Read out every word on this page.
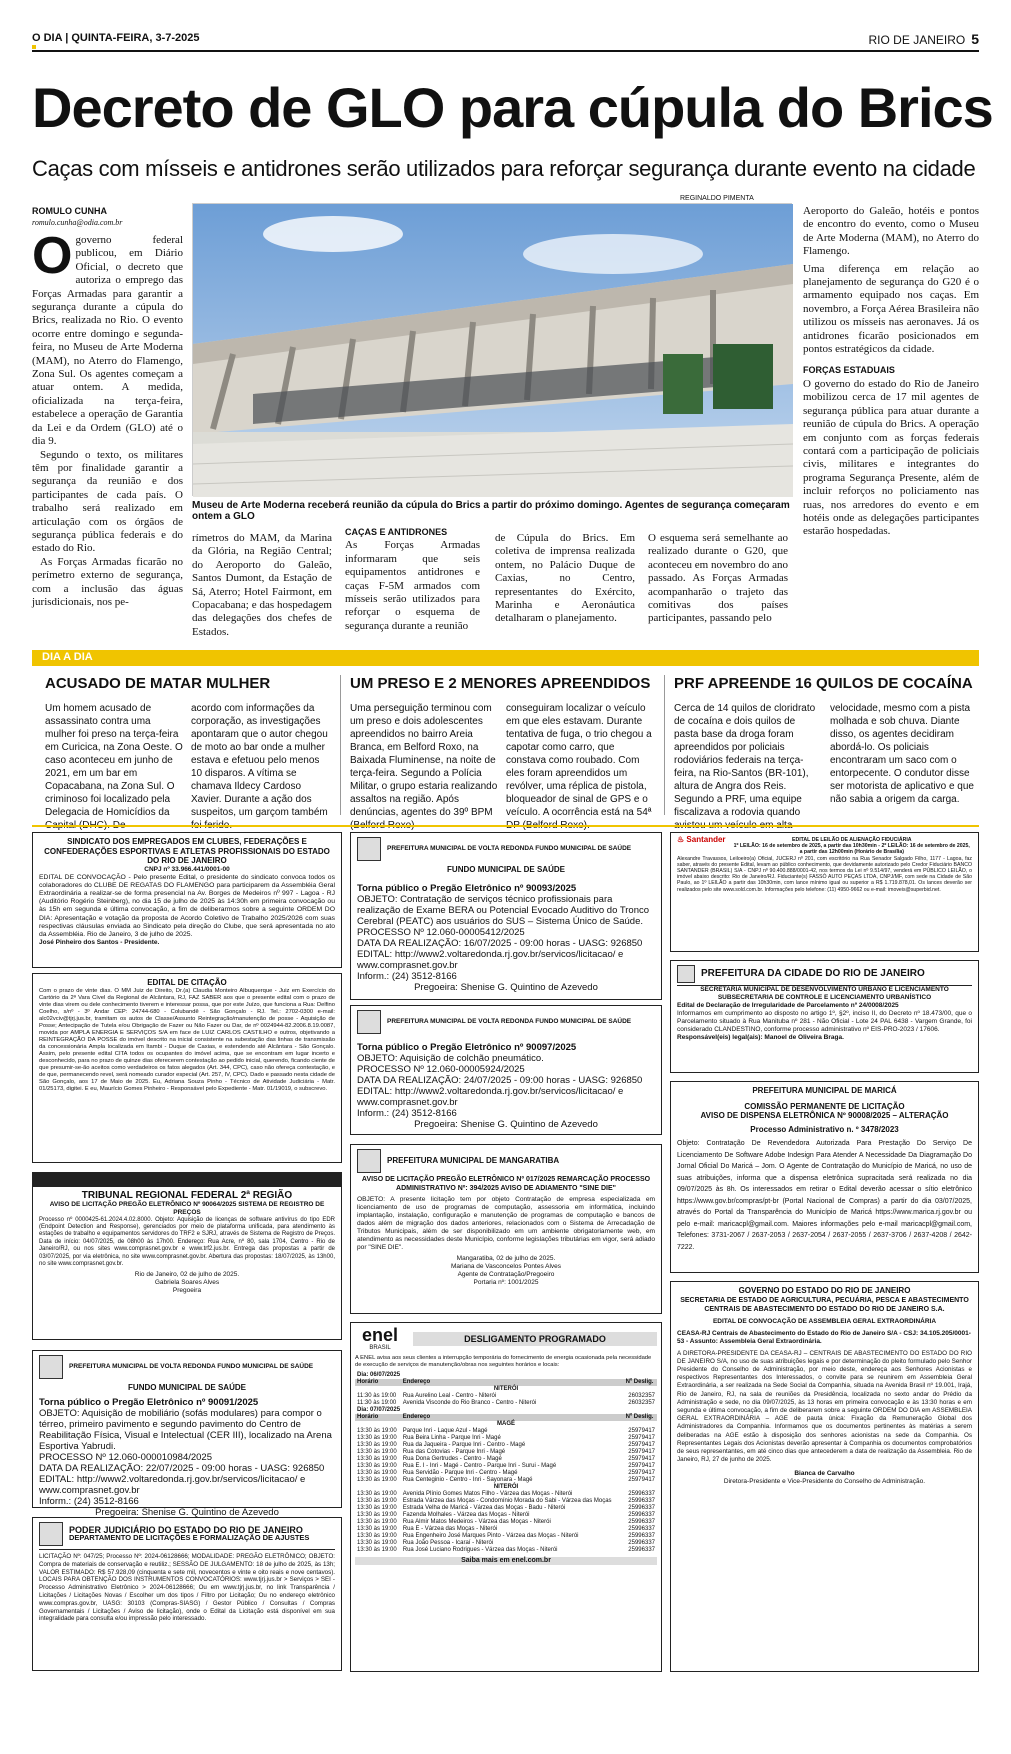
O DIA | QUINTA-FEIRA, 3-7-2025	RIO DE JANEIRO 5
Decreto de GLO para cúpula do Brics
Caças com mísseis e antidrones serão utilizados para reforçar segurança durante evento na cidade
ROMULO CUNHA
romulo.cunha@odia.com.br
Ogoverno federal publicou, em Diário Oficial, o decreto que autoriza o emprego das Forças Armadas para garantir a segurança durante a cúpula do Brics, realizada no Rio. O evento ocorre entre domingo e segunda-feira, no Museu de Arte Moderna (MAM), no Aterro do Flamengo, Zona Sul. Os agentes começam a atuar ontem. A medida, oficializada na terça-feira, estabelece a operação de Garantia da Lei e da Ordem (GLO) até o dia 9.

Segundo o texto, os militares têm por finalidade garantir a segurança da reunião e dos participantes de cada país. O trabalho será realizado em articulação com os órgãos de segurança pública federais e do estado do Rio.

As Forças Armadas ficarão no perímetro externo de segurança, com a inclusão das águas jurisdicionais, nos pe-

REGINALDO PIMENTA
Museu de Arte Moderna receberá reunião da cúpula do Brics a partir do próximo domingo. Agentes de segurança começaram ontem a GLO
rímetros do MAM, da Marina da Glória, na Região Central; do Aeroporto do Galeão, Santos Dumont, da Estação de Sá, Aterro; Hotel Fairmont, em Copacabana; e das hospedagem das delegações dos chefes de Estados.
CAÇAS E ANTIDRONES
As Forças Armadas informaram que seis equipamentos antidrones e caças F-5M armados com mísseis serão utilizados para reforçar o esquema de segurança durante a reunião
de Cúpula do Brics. Em coletiva de imprensa realizada ontem, no Palácio Duque de Caxias, no Centro, representantes do Exército, Marinha e Aeronáutica detalharam o planejamento.
O esquema será semelhante ao realizado durante o G20, que aconteceu em novembro do ano passado. As Forças Armadas acompanharão o trajeto das comitivas dos países participantes, passando pelo

Aeroporto do Galeão, hotéis e pontos de encontro do evento, como o Museu de Arte Moderna (MAM), no Aterro do Flamengo.

Uma diferença em relação ao planejamento de segurança do G20 é o armamento equipado nos caças. Em novembro, a Força Aérea Brasileira não utilizou os mísseis nas aeronaves. Já os antidrones ficarão posicionados em pontos estratégicos da cidade.

FORÇAS ESTADUAIS

O governo do estado do Rio de Janeiro mobilizou cerca de 17 mil agentes de segurança pública para atuar durante a reunião de cúpula do Brics. A operação em conjunto com as forças federais contará com a participação de policiais civis, militares e integrantes do programa Segurança Presente, além de incluir reforços no policiamento nas ruas, nos arredores do evento e em hotéis onde as delegações participantes estarão hospedadas.

DIA A DIA
ACUSADO DE MATAR MULHER
Um homem acusado de assassinato contra uma mulher foi preso na terça-feira em Curicica, na Zona Oeste. O caso aconteceu em junho de 2021, em um bar em Copacabana, na Zona Sul. O criminoso foi localizado pela Delegacia de Homicídios da
acordo com informações da corporação, as investigações apontaram que o autor chegou de moto ao bar onde a mulher estava e efetuou pelo menos 10 disparos. A vítima se chamava Ildecy Cardoso Xavier. Durante a ação dos suspeitos, um garçom também
UM PRESO E 2 MENORES APREENDIDOS
Uma perseguição terminou com um preso e dois adolescentes apreendidos no bairro Areia Branca, em Belford Roxo, na Baixada Fluminense, na noite de terça-feira. Segundo a Polícia Militar, o grupo estaria realizando assaltos na região. Após denúncias, agentes do 39º BPM
conseguiram localizar o veículo em que eles estavam. Durante tentativa de fuga, o trio chegou a capotar como carro, que constava como roubado. Com eles foram apreendidos um revólver, uma réplica de pistola, bloqueador de sinal de GPS e o veículo. A ocorrência está na 54ª
PRF APREENDE 16 QUILOS DE COCAÍNA
Cerca de 14 quilos de cloridrato de cocaína e dois quilos de pasta base da droga foram apreendidos por policiais rodoviários federais na terça-feira, na Rio-Santos (BR-101), altura de Angra dos Reis. Segundo a PRF, uma equipe fiscalizava a rodovia quando
velocidade, mesmo com a pista molhada e sob chuva. Diante disso, os agentes decidiram abordá-lo. Os policiais encontraram um saco com o entorpecente. O condutor disse ser motorista de aplicativo e que não sabia a origem da carga.
SINDICATO DOS EMPREGADOS EM CLUBES, FEDERAÇÕES E CONFEDERAÇÕES ESPORTIVAS E ATLETAS PROFISSIONAIS DO ESTADO DO RIO DE JANEIRO
CNPJ nº 33.966.441/0001-00
EDITAL DE CONVOCAÇÃO - Pelo presente Edital, o presidente do sindicato convoca todos os colaboradores do CLUBE DE REGATAS DO FLAMENGO para participarem da Assembléia Geral Extraordinária a realizar-se de forma presencial na Av. Borges de Medeiros nº 997 - Lagoa - RJ (Auditório Rogério Steinberg), no dia 15 de julho de 2025 às 14:30h em primeira convocação ou às 15h em segunda e última convocação, a fim de deliberarmos sobre a seguinte ORDEM DO DIA: Apresentação e votação da proposta de Acordo Coletivo de Trabalho 2025/2026 com suas respectivas cláusulas enviada ao Sindicato pela direção do Clube, que será apresentada no ato da Assembléia. Rio de Janeiro, 3 de julho de 2025.
José Pinheiro dos Santos - Presidente.
EDITAL DE CITAÇÃO
Com o prazo de vinte dias. O MM Juiz de Direito, Dr.(a) Claudia Monteiro Albuquerque - Juiz em Exercício do Cartório da 2ª Vara Cível da Regional de Alcântara, RJ, FAZ SABER aos que o presente edital com o prazo de vinte dias virem ou dele conhecimento tiverem e interessar possa, que por este Juízo, que funciona a Rua: Delfino Coelho, s/nº - 3º Andar CEP: 24744-680 - Colubandê - São Gonçalo - RJ. Tel.: 2702-0300 e-mail: alc02vciv@tjrj.jus.br, tramitam os autos de Classe/Assunto Reintegração/manutenção de posse - Aquisição de Posse; Antecipação de Tutela e/ou Obrigação de Fazer ou Não Fazer ou Dar, de nº 0024944-82.2006.8.19.0087, movida por AMPLA ENERGIA E SERVIÇOS S/A em face de LUIZ CARLOS CASTILHO e outros, objetivando a REINTEGRAÇÃO DA POSSE do imóvel descrito na inicial consistente na subestação das linhas de transmissão da concessionária Ampla localizada em Itambi - Duque de Caxias, e estendendo até Alcântara - São Gonçalo. Assim, pelo presente edital CITA todos os ocupantes do imóvel acima, que se encontram em lugar incerto e desconhecido, para no prazo de quinze dias oferecerem contestação ao pedido inicial, querendo, ficando ciente de que presumir-se-ão aceitos como verdadeiros os fatos alegados (Art. 344, CPC), caso não ofereça contestação, e de que, permanecendo revel, será nomeado curador especial (Art. 257, IV, CPC). Dado e passado nesta cidade de São Gonçalo, aos 17 de Maio de 2025. Eu, Adriana Souza Pinho - Técnico de Atividade Judiciária - Matr. 01/25173, digitei. E eu, Maurício Gomes Pinheiro - Responsável pelo Expediente - Matr. 01/19019, o subscrevo.
TRIBUNAL REGIONAL FEDERAL 2ª REGIÃO
AVISO DE LICITAÇÃO PREGÃO ELETRÔNICO Nº 90064/2025 SISTEMA DE REGISTRO DE PREÇOS
Processo nº 0000425-61.2024.4.02.8000. Objeto: Aquisição de licenças de software antivírus do tipo EDR (Endpoint Detection and Response), gerenciados por meio de plataforma unificada, para atendimento às estações de trabalho e equipamentos servidores do TRF2 e SJRJ, através de Sistema de Registro de Preços. Data de início: 04/07/2025, de 08h00 às 17h00. Endereço: Rua Acre, nº 80, sala 1704, Centro - Rio de Janeiro/RJ, ou nos sites www.comprasnet.gov.br e www.trf2.jus.br. Entrega das propostas a partir de 03/07/2025, por via eletrônica, no site www.comprasnet.gov.br. Abertura das propostas: 18/07/2025, às 13h00, no site www.comprasnet.gov.br.
Rio de Janeiro, 02 de julho de 2025.
Gabriela Soares Alves
Pregoeira
PREFEITURA MUNICIPAL DE VOLTA REDONDA FUNDO MUNICIPAL DE SAÚDE
FUNDO MUNICIPAL DE SAÚDE
Torna público o Pregão Eletrônico nº 90091/2025
OBJETO: Aquisição de mobiliário (sofás modulares) para compor o térreo, primeiro pavimento e segundo pavimento do Centro de Reabilitação Física, Visual e Intelectual (CER III), localizado na Arena Esportiva Yabrudi.
PROCESSO Nº 12.060-000010984/2025
DATA DA REALIZAÇÃO: 22/07/2025 - 09:00 horas - UASG: 926850
EDITAL: http://www2.voltaredonda.rj.gov.br/servicos/licitacao/ e www.comprasnet.gov.br
Inform.: (24) 3512-8166
Pregoeira: Shenise G. Quintino de Azevedo
PODER JUDICIÁRIO DO ESTADO DO RIO DE JANEIRO
DEPARTAMENTO DE LICITAÇÕES E FORMALIZAÇÃO DE AJUSTES
LICITAÇÃO Nº: 047/25; Processo Nº: 2024-06128666; MODALIDADE: PREGÃO ELETRÔNICO; OBJETO: Compra de materiais de conservação e reutiliz.; SESSÃO DE JULGAMENTO: 18 de julho de 2025, às 13h; VALOR ESTIMADO: R$ 57.928,09 (cinquenta e sete mil, novecentos e vinte e oito reais e nove centavos). LOCAIS PARA OBTENÇÃO DOS INSTRUMENTOS CONVOCATÓRIOS: www.tjrj.jus.br > Serviços > SEI - Processo Administrativo Eletrônico > 2024-06128666; Ou em www.tjrj.jus.br, no link Transparência / Licitações / Licitações Novas / Escolher um dos tipos / Filtro por Licitação; Ou no endereço eletrônico www.compras.gov.br, UASG: 30103 (Compras-SIASG) / Gestor Público / Consultas / Compras Governamentais / Licitações / Aviso de licitação), onde o Edital da Licitação está disponível em sua integralidade para consulta e/ou impressão pelo interessado.
PREFEITURA MUNICIPAL DE VOLTA REDONDA FUNDO MUNICIPAL DE SAÚDE
FUNDO MUNICIPAL DE SAÚDE
Torna público o Pregão Eletrônico nº 90093/2025
OBJETO: Contratação de serviços técnico profissionais para realização de Exame BERA ou Potencial Evocado Auditivo do Tronco Cerebral (PEATC) aos usuários do SUS – Sistema Único de Saúde.
PROCESSO Nº 12.060-00005412/2025
DATA DA REALIZAÇÃO: 16/07/2025 - 09:00 horas - UASG: 926850
EDITAL: http://www2.voltaredonda.rj.gov.br/servicos/licitacao/ e www.comprasnet.gov.br
Inform.: (24) 3512-8166
Pregoeira: Shenise G. Quintino de Azevedo
PREFEITURA MUNICIPAL DE VOLTA REDONDA FUNDO MUNICIPAL DE SAÚDE
Torna público o Pregão Eletrônico nº 90097/2025
OBJETO: Aquisição de colchão pneumático.
PROCESSO Nº 12.060-00005924/2025
DATA DA REALIZAÇÃO: 24/07/2025 - 09:00 horas - UASG: 926850
EDITAL: http://www2.voltaredonda.rj.gov.br/servicos/licitacao/ e www.comprasnet.gov.br
Inform.: (24) 3512-8166
Pregoeira: Shenise G. Quintino de Azevedo
PREFEITURA MUNICIPAL DE MANGARATIBA
AVISO DE LICITAÇÃO PREGÃO ELETRÔNICO Nº 017/2025 REMARCAÇÃO PROCESSO ADMINISTRATIVO Nº: 394/2025 AVISO DE ADIAMENTO "SINE DIE"
OBJETO: A presente licitação tem por objeto Contratação de empresa especializada em licenciamento de uso de programas de computação, assessoria em informática, incluindo implantação, instalação, configuração e manutenção de programas de computação e bancos de dados além de migração dos dados anteriores, relacionados com o Sistema de Arrecadação de Tributos Municipais, além de ser disponibilizado em um ambiente obrigatoriamente web, em atendimento as necessidades deste Município, conforme legislações tributárias em vigor, será adiado por "SINE DIE".
Mangaratiba, 02 de julho de 2025.
Mariana de Vasconcelos Pontes Alves
Agente de Contratação/Pregoeiro
Portaria nº: 1001/2025
enel
BRASIL
DESLIGAMENTO PROGRAMADO
A ENEL avisa aos seus clientes a interrupção temporária do fornecimento de energia ocasionada pela necessidade de execução de serviços de manutenção/obras nos seguintes horários e locais:
Dia: 06/07/2025		
Horário	Endereço	Nº Deslig.
NITERÓI		
11:30 às 19:00	Rua Aurelino Leal - Centro - Niterói	26032357
11:30 às 19:00	Avenida Visconde do Rio Branco - Centro - Niterói	26032357
Dia: 07/07/2025		
Horário	Endereço	Nº Deslig.
MAGÉ		
13:30 às 19:00	Parque Inri - Laque Azul - Magé	25979417
13:30 às 19:00	Rua Beira Linha - Parque Inri - Magé	25979417
13:30 às 19:00	Rua da Jaqueira - Parque Inri - Centro - Magé	25979417
13:30 às 19:00	Rua das Cotovias - Parque Inri - Magé	25979417
13:30 às 19:00	Rua Dona Gertrudes - Centro - Magé	25979417
13:30 às 19:00	Rua E. I - Inri - Magé - Centro - Parque Inri - Surui - Magé	25979417
13:30 às 19:00	Rua Servidão - Parque Inri - Centro - Magé	25979417
13:30 às 19:00	Rua Centeginio - Centro - Inri - Sayonara - Magé	25979417
NITERÓI		
13:30 às 19:00	Avenida Plínio Gomes Matos Filho - Várzea das Moças - Niterói	25996337
13:30 às 19:00	Estrada Várzea das Moças - Condomínio Morada do Sabi - Várzea das Moças	25996337
13:30 às 19:00	Estrada Velha de Maricá - Várzea das Moças - Badu - Niterói	25996337
13:30 às 19:00	Fazenda Molhales - Várzea das Moças - Niterói	25996337
13:30 às 19:00	Rua Almir Matos Medeiros - Várzea das Moças - Niterói	25996337
13:30 às 19:00	Rua E - Várzea das Moças - Niterói	25996337
13:30 às 19:00	Rua Engenheiro José Marques Pinto - Várzea das Moças - Niterói	25996337
13:30 às 19:00	Rua João Pessoa - Icaraí - Niterói	25996337
13:30 às 19:00	Rua José Luciano Rodrigues - Várzea das Moças - Niterói	25996337
Saiba mais em enel.com.br
♨ Santander	EDITAL DE LEILÃO DE ALIENAÇÃO FIDUCIÁRIA
1º LEILÃO: 16 de setembro de 2025, a partir das 10h30min - 2º LEILÃO: 16 de setembro de 2025, a partir das 12h00min (Horário de Brasília)
Alexandre Travassos, Leiloeiro(a) Oficial, JUCERJ nº 201, com escritório na Rua Senador Salgado Filho, 1177 - Lagoa, faz saber, através do presente Edital, levam ao público conhecimento, que devidamente autorizado pelo Credor Fiduciário BANCO SANTANDER (BRASIL) S/A - CNPJ nº 90.400.888/0001-42, nos termos da Lei nº 9.514/97, venderá em PÚBLICO LEILÃO, o imóvel abaixo descrito: Rio de Janeiro/RJ. Fiduciante(s) FASSÓ AUTO PEÇAS LTDA, CNPJ/MF, com sede na Cidade de São Paulo, ao 1º LEILÃO a partir das 10h30min, com lance mínimo igual ou superior a R$ 1.719.878,01. Os lances deverão ser realizados pelo site www.sold.com.br. Informações pelo telefone: (11) 4950-9662 ou e-mail: imoveis@superbid.net.
PREFEITURA DA CIDADE DO RIO DE JANEIRO
SECRETARIA MUNICIPAL DE DESENVOLVIMENTO URBANO E LICENCIAMENTO
SUBSECRETARIA DE CONTROLE E LICENCIAMENTO URBANÍSTICO
Edital de Declaração de Irregularidade de Parcelamento nº 24/0008/2025
Informamos em cumprimento ao disposto no artigo 1º, §2º, inciso II, do Decreto nº 18.473/00, que o Parcelamento situado à Rua Manituba nº 281 - Não Oficial - Lote 24 PAL 6438 - Vargem Grande, foi considerado CLANDESTINO, conforme processo administrativo nº EIS-PRO-2023 / 17606.
Responsável(eis) legal(ais): Manoel de Oliveira Braga.
PREFEITURA MUNICIPAL DE MARICÁ
COMISSÃO PERMANENTE DE LICITAÇÃO
AVISO DE DISPENSA ELETRÔNICA Nº 90008/2025 – ALTERAÇÃO
Processo Administrativo n. º 3478/2023
Objeto: Contratação De Revendedora Autorizada Para Prestação Do Serviço De Licenciamento De Software Adobe Indesign Para Atender A Necessidade Da Diagramação Do Jornal Oficial Do Maricá – Jom. O Agente de Contratação do Município de Maricá, no uso de suas atribuições, informa que a dispensa eletrônica supracitada será realizada no dia 09/07/2025 às 8h. Os interessados em retirar o Edital deverão acessar o sítio eletrônico https://www.gov.br/compras/pt-br (Portal Nacional de Compras) a partir do dia 03/07/2025, através do Portal da Transparência do Município de Maricá https://www.marica.rj.gov.br ou pelo e-mail: maricacpl@gmail.com. Maiores informações pelo e-mail maricacpl@gmail.com, Telefones: 3731-2067 / 2637-2053 / 2637-2054 / 2637-2055 / 2637-3706 / 2637-4208 / 2642-7222.
GOVERNO DO ESTADO DO RIO DE JANEIRO
SECRETARIA DE ESTADO DE AGRICULTURA, PECUÁRIA, PESCA E ABASTECIMENTO
CENTRAIS DE ABASTECIMENTO DO ESTADO DO RIO DE JANEIRO S.A.
EDITAL DE CONVOCAÇÃO DE ASSEMBLEIA GERAL EXTRAORDINÁRIA
CEASA-RJ Centrais de Abastecimento do Estado do Rio de Janeiro S/A - CSJ: 34.105.205/0001-53 - Assunto: Assembleia Geral Extraordinária.
A DIRETORA-PRESIDENTE DA CEASA-RJ – CENTRAIS DE ABASTECIMENTO DO ESTADO DO RIO DE JANEIRO S/A, no uso de suas atribuições legais e por determinação do pleito formulado pelo Senhor Presidente do Conselho de Administração, por meio deste, endereça aos Senhores Acionistas e respectivos Representantes dos Interessados, o convite para se reunirem em Assembleia Geral Extraordinária, a ser realizada na Sede Social da Companhia, situada na Avenida Brasil nº 19.001, Irajá, Rio de Janeiro, RJ, na sala de reuniões da Presidência, localizada no sexto andar do Prédio da Administração e sede, no dia 09/07/2025, às 13 horas em primeira convocação e às 13:30 horas e em segunda e última convocação, a fim de deliberarem sobre a seguinte ORDEM DO DIA em ASSEMBLEIA GERAL EXTRAORDINÁRIA – AGE de pauta única: Fixação da Remuneração Global dos Administradores da Companhia. Informamos que os documentos pertinentes às matérias a serem deliberadas na AGE estão à disposição dos senhores acionistas na sede da Companhia. Os Representantes Legais dos Acionistas deverão apresentar à Companhia os documentos comprobatórios de seus representantes, em até cinco dias que antecederem a data de realização da Assembleia. Rio de Janeiro, RJ, 27 de junho de 2025.
Bianca de Carvalho
Diretora-Presidente e Vice-Presidente do Conselho de Administração.
